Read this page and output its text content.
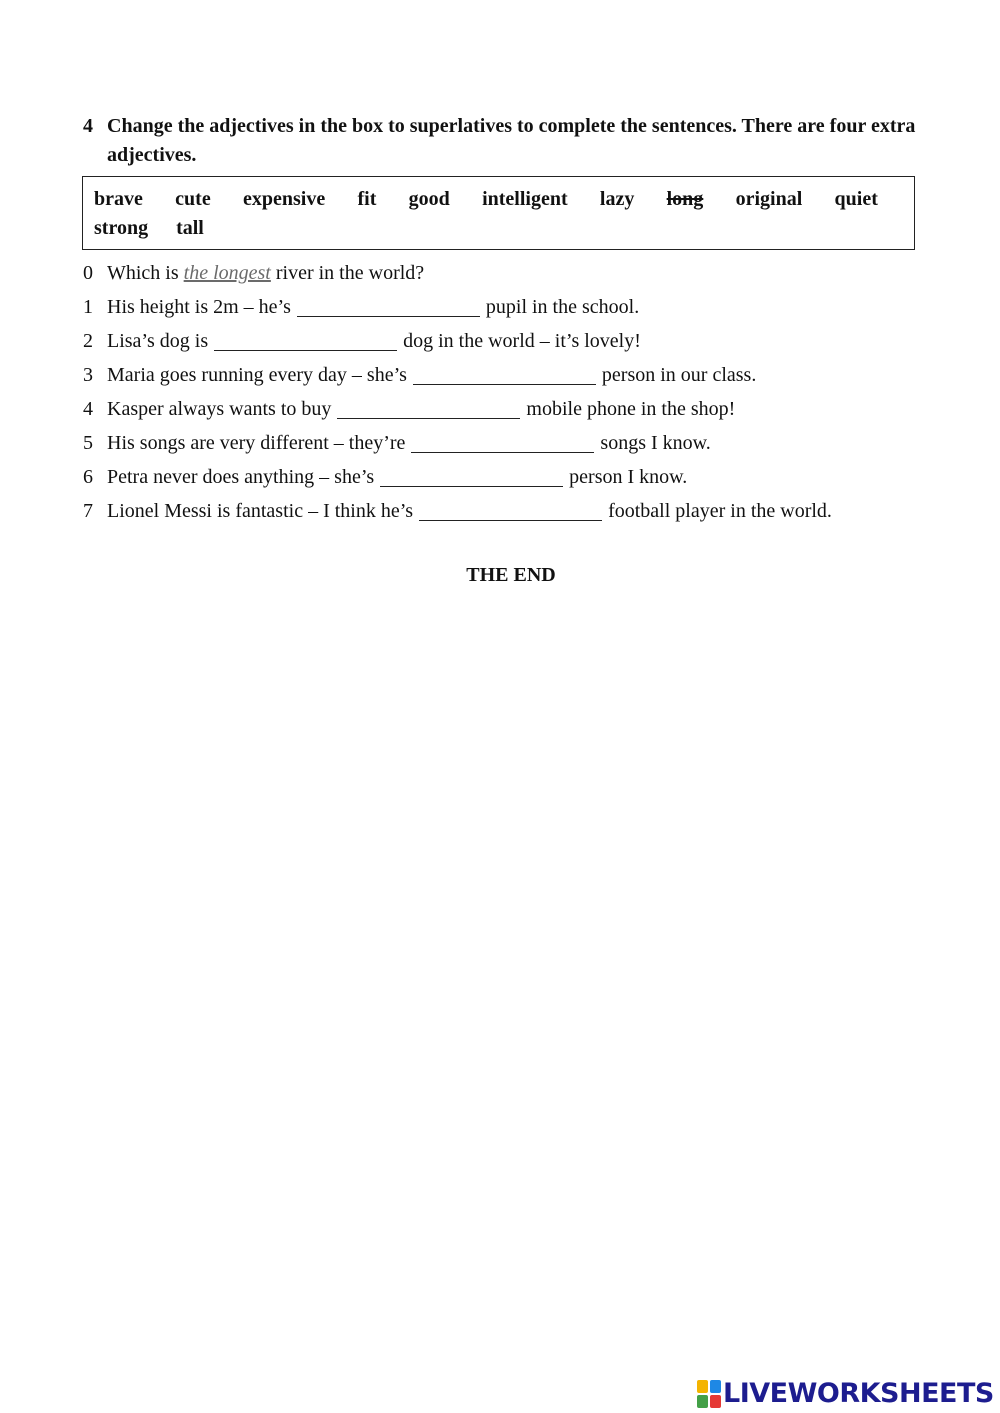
4 Change the adjectives in the box to superlatives to complete the sentences. There are four extra adjectives.
brave cute expensive fit good intelligent lazy long original quiet
strong tall
0 Which is the longest river in the world?
1 His height is 2m – he’s	pupil in the school.
2 Lisa’s dog is	dog in the world – it’s lovely!
3 Maria goes running every day – she’s	person in our class.
4 Kasper always wants to buy	mobile phone in the shop!
5 His songs are very different – they’re	songs I know.
6 Petra never does anything – she’s	person I know.
7 Lionel Messi is fantastic – I think he’s	football player in the world.
THE END
LIVEWORKSHEETS
